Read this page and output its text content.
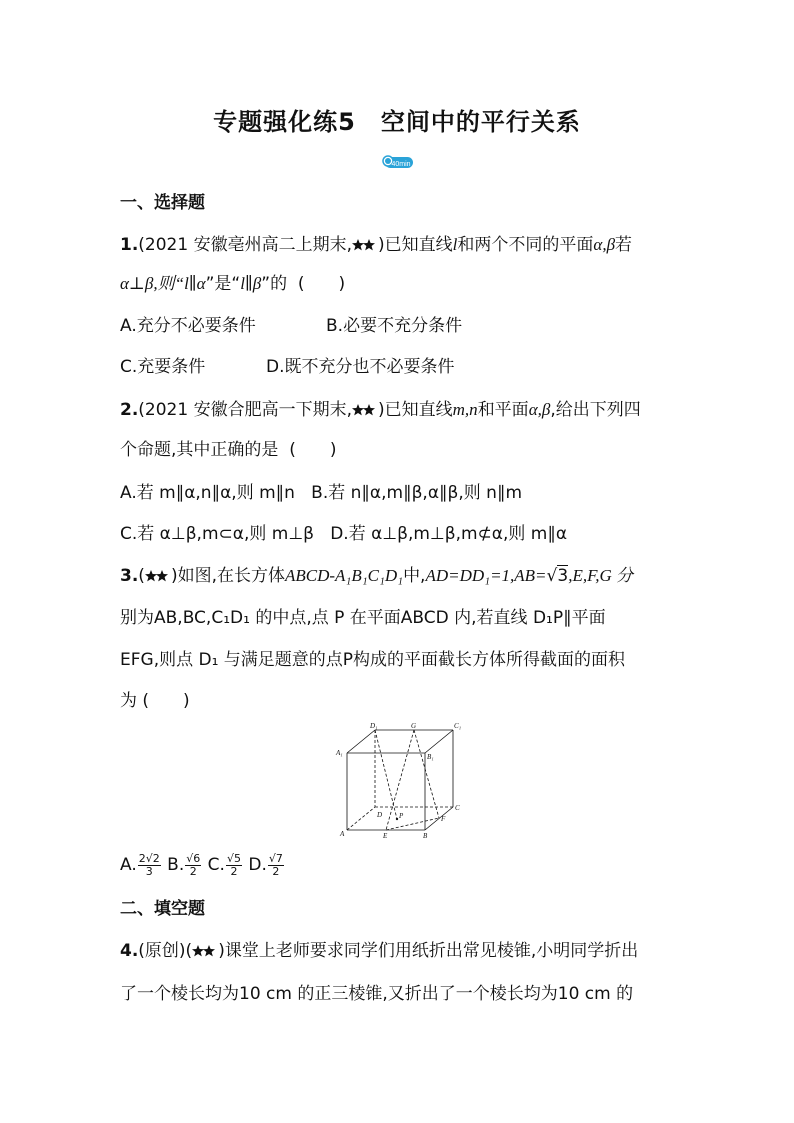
专题强化练5　空间中的平行关系
40min
一、选择题
1.(2021 安徽亳州高二上期末, )已知直线l和两个不同的平面α,β若
α⊥β,则“l∥α”是“l∥β”的 (　　)
A.充分不必要条件	B.必要不充分条件
C.充要条件	D.既不充分也不必要条件
2.(2021 安徽合肥高一下期末, )已知直线m,n和平面α,β,给出下列四
个命题,其中正确的是 (　　)
A.若 m∥α,n∥α,则 m∥n B.若 n∥α,m∥β,α∥β,则 n∥m
C.若 α⊥β,m⊂α,则 m⊥β D.若 α⊥β,m⊥β,m⊄α,则 m∥α
3.( )如图,在长方体ABCD-A₁B₁C₁D₁中,AD=DD₁=1,AB=√3,E,F,G 分
别为AB,BC,C₁D₁ 的中点,点 P 在平面ABCD 内,若直线 D₁P∥平面
EFG,则点 D₁ 与满足题意的点P构成的平面截长方体所得截面的面积
为 (　　)
D₁	G	C₁
A₁	B₁
D P
C
A	E	B
F
A. $\frac{2√2}{3} B$. $\frac{√6}{2} C$. $\frac{√5}{2} D$. $\frac{√7}{2}$
二、填空题
4.(原创)( )课堂上老师要求同学们用纸折出常见棱锥,小明同学折出
了一个棱长均为10 cm 的正三棱锥,又折出了一个棱长均为10 cm 的
